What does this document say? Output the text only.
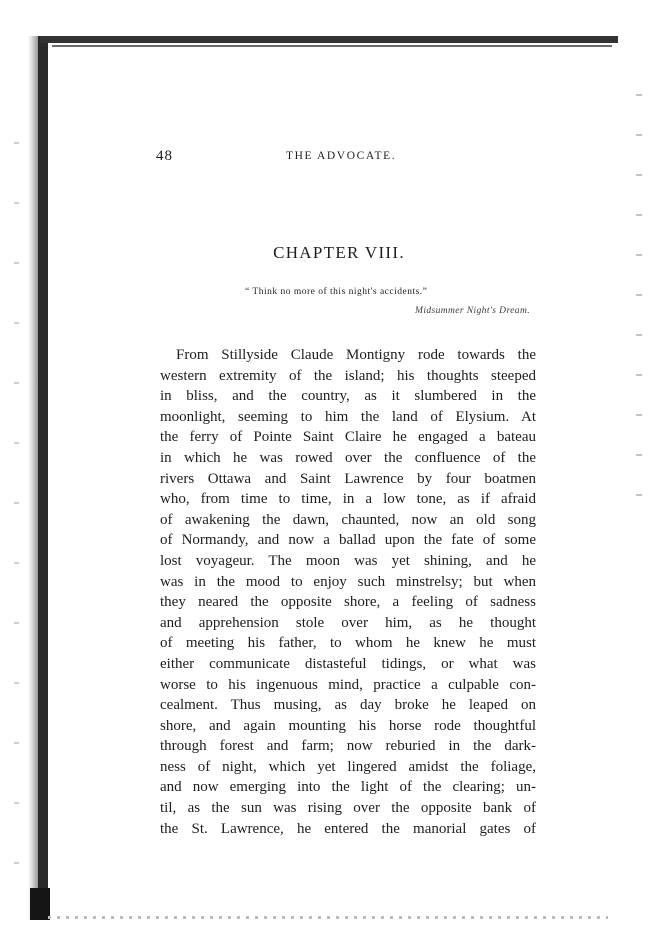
48	THE ADVOCATE.
CHAPTER VIII.
“ Think no more of this night's accidents.”
Midsummer Night's Dream.
From Stillyside Claude Montigny rode towards the
western extremity of the island; his thoughts steeped
in bliss, and the country, as it slumbered in the
moonlight, seeming to him the land of Elysium. At
the ferry of Pointe Saint Claire he engaged a bateau
in which he was rowed over the confluence of the
rivers Ottawa and Saint Lawrence by four boatmen
who, from time to time, in a low tone, as if afraid
of awakening the dawn, chaunted, now an old song
of Normandy, and now a ballad upon the fate of some
lost voyageur. The moon was yet shining, and he
was in the mood to enjoy such minstrelsy; but when
they neared the opposite shore, a feeling of sadness
and apprehension stole over him, as he thought
of meeting his father, to whom he knew he must
either communicate distasteful tidings, or what was
worse to his ingenuous mind, practice a culpable con-
cealment. Thus musing, as day broke he leaped on
shore, and again mounting his horse rode thoughtful
through forest and farm; now reburied in the dark-
ness of night, which yet lingered amidst the foliage,
and now emerging into the light of the clearing; un-
til, as the sun was rising over the opposite bank of
the St. Lawrence, he entered the manorial gates of
